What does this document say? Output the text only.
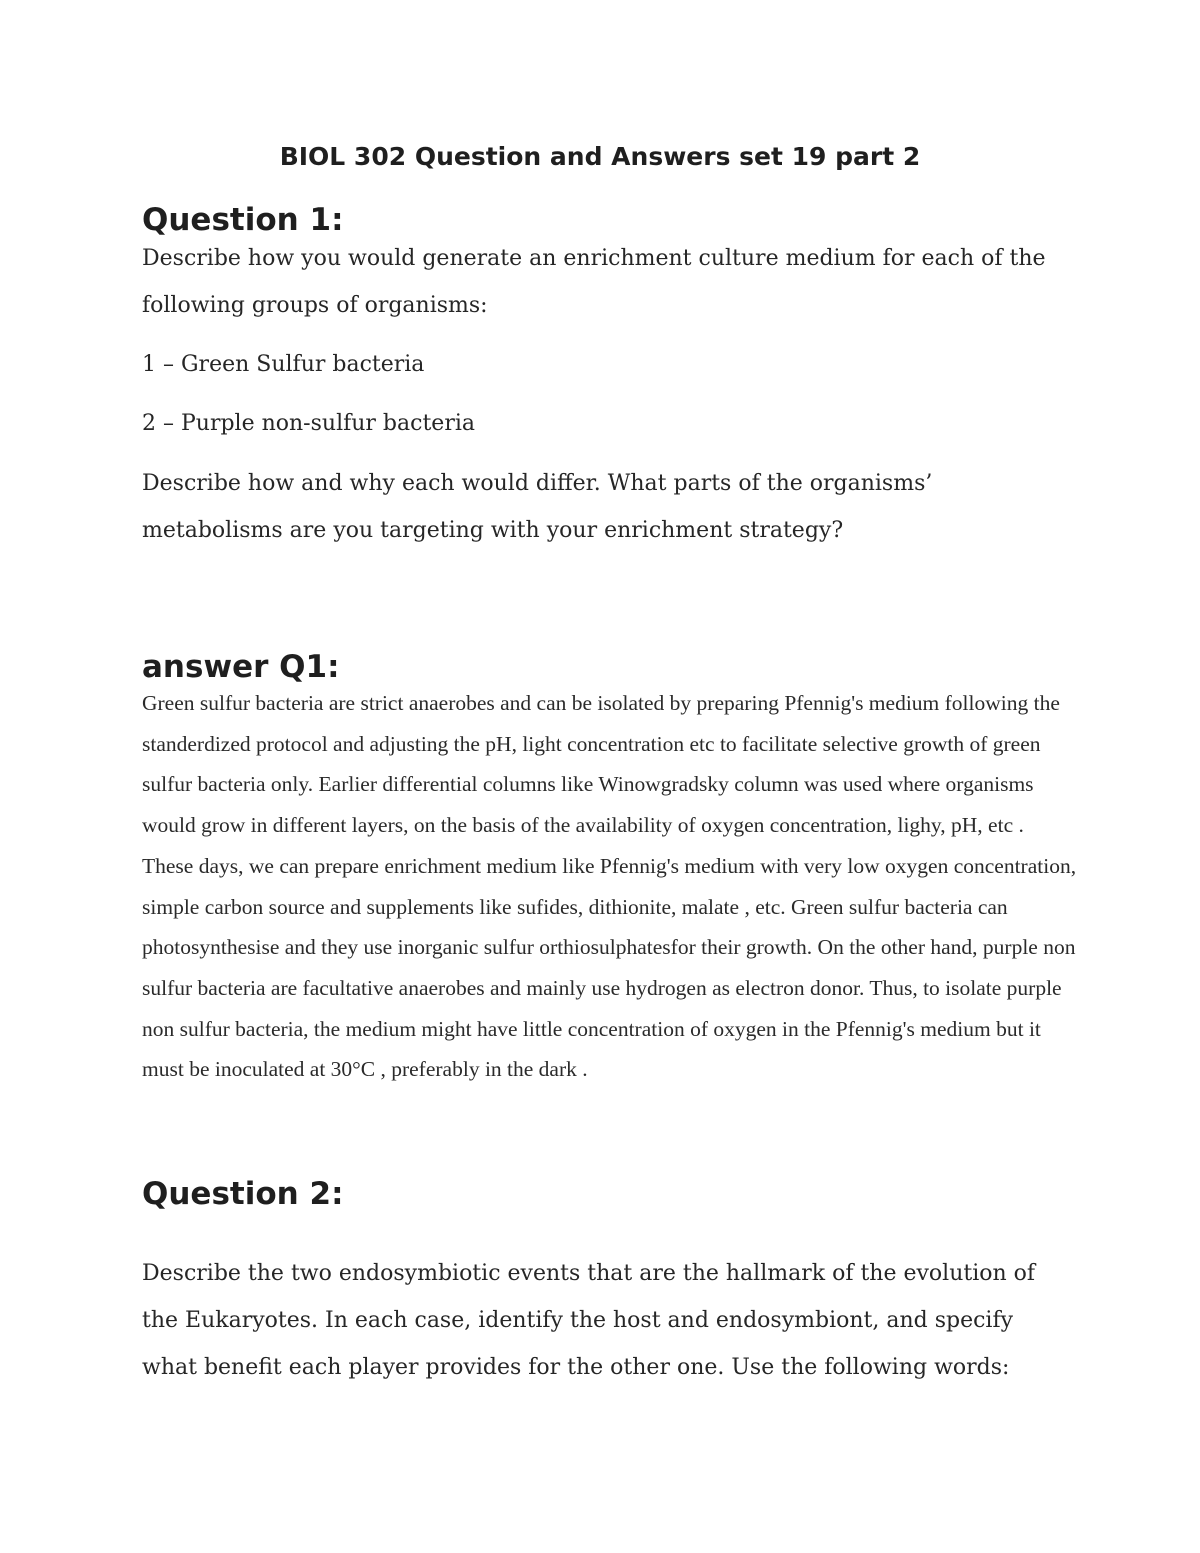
BIOL 302 Question and Answers set 19 part 2
Question 1:

Describe how you would generate an enrichment culture medium for each of the following groups of organisms:

1 – Green Sulfur bacteria

2 – Purple non-sulfur bacteria

Describe how and why each would differ. What parts of the organisms’ metabolisms are you targeting with your enrichment strategy?

answer Q1:

Green sulfur bacteria are strict anaerobes and can be isolated by preparing Pfennig's medium following the standerdized protocol and adjusting the pH, light concentration etc to facilitate selective growth of green sulfur bacteria only. Earlier differential columns like Winowgradsky column was used where organisms would grow in different layers, on the basis of the availability of oxygen concentration, lighy, pH, etc . These days, we can prepare enrichment medium like Pfennig's medium with very low oxygen concentration, simple carbon source and supplements like sufides, dithionite, malate , etc. Green sulfur bacteria can photosynthesise and they use inorganic sulfur orthiosulphatesfor their growth. On the other hand, purple non sulfur bacteria are facultative anaerobes and mainly use hydrogen as electron donor. Thus, to isolate purple non sulfur bacteria, the medium might have little concentration of oxygen in the Pfennig's medium but it must be inoculated at 30°C , preferably in the dark .

Question 2:

Describe the two endosymbiotic events that are the hallmark of the evolution of the Eukaryotes. In each case, identify the host and endosymbiont, and specify what benefit each player provides for the other one. Use the following words:
